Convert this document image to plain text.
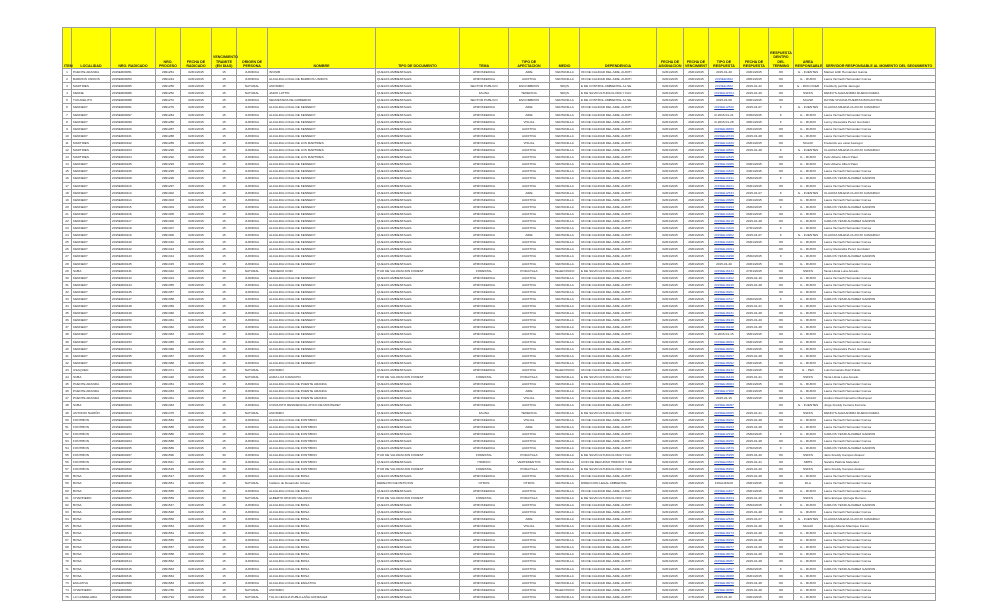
ITEM	LOCALIDAD	NRO. RADICADO	NRO. PROCESO	FECHA DE RADICADO	VENCIMIENTO TRAMITE (EN DIAS)	ORIGEN DE PERSONA	NOMBRE	TIPO DE DOCUMENTO	TEMA	TIPO DE AFECTACION	MEDIO	DEPENDENCIA	FECHA DE ASIGNACION	FECHA DE VENCIMIENT	TIPO DE RESPUESTA	FECHA DE RESPUESTA	RESPUESTA DENTRO DEL TERMINO	AREA RESPONSABLE	SERVIDOR RESPONSABLE AL MOMENTO DEL SEGUIMIENTO
1	PUENTE ARANDA	2015ER00051	2991251	02/01/2015	15	JURIDICA	INVISIB	QUEJAS AMBIENTALES	ATMOSFERICA	AIRE	VENTANILLA	ON DE CALIDAD DEL AIRE, AUDITI	02/01/2015	26/01/2015	2015-01-20	20/01/2015	OK	G. - FUENTES	Marisol Lilith Hernandez Garcia
2	BARRIOS UNIDOS	2015ER00053	2991244	02/01/2015	15	JURIDICA	ALCALDIA LOCAL DE BARRIOS UNIDOS	QUEJAS AMBIENTALES	ATMOSFERICA	AUDITIVA	VENTANILLA	ON DE CALIDAD DEL AIRE, AUDITI	02/01/2015	26/01/2015	2015EE3662	28/01/2015	OK	G. - RUIDO	Laura Yazmeth Hernandez Correa
3	MARTIRES	2015ER00065	2991250	02/01/2015	15	NATURAL	ANONIMO	QUEJAS AMBIENTALES	SECTOR PUBLICO	ESCOMBROS	SDQS	E DE CONTROL AMBIENTAL AL SE	02/01/2015	26/01/2015	2015EE4662	2015-01-22	OK	G. - RCD-OVER	Fredderly perrilla Jauregui
4	KENNE	2015ER00086	2991252	02/01/2015	15	NATURAL	JAIRO LATTIN	QUEJAS AMBIENTALES	FAUNA	TENENCIA	SDQS	E DE SILVICULTURA FLORA Y FAU	02/01/2015	26/01/2015	2015EE11564	2015-01-26	OK	SSFFS	DENNYS ALEXANDRA RUEDA RUEDA
5	TUNJUELITO	2015ER00088	2991272	02/01/2015	15	JURIDICA	SECRETARIA DE GOBIERNO	QUEJAS AMBIENTALES	SECTOR PUBLICO	ESCOMBROS	VENTANILLA	E DE CONTROL AMBIENTAL AL SE	02/01/2015	26/01/2015	2015-01-09	09/01/2015	OK	SCASP	DAYNE VIVIANA HUERTAS BOCACHICA
6	KENNEDY	2015ER00091	2991276	02/01/2015	15	JURIDICA	ALCALDIA LOCAL DE KENNEDY	QUEJAS AMBIENTALES	ATMOSFERICA	AIRE	VENTANILLA	ON DE CALIDAD DEL AIRE, AUDITI	02/01/2015	26/01/2015	2015EE12520	2015-01-07	F	G. - FUENTES	CLAUDIA MILENA CLAVIJO CAMARGO
7	KENNEDY	2015ER00097	2991284	02/01/2015	15	JURIDICA	ALCALDIA LOCAL DE KENNEDY	QUEJAS AMBIENTALES	ATMOSFERICA	AIRE	VENTANILLA	ON DE CALIDAD DEL AIRE, AUDITI	02/01/2015	26/01/2015	R-2015-01-21	03/02/2015	F	G. - RUIDO	Laura Yazmeth Hernandez Correa
8	KENNEDY	2015ER00099	2991286	02/01/2015	15	JURIDICA	ALCALDIA LOCAL DE KENNEDY	QUEJAS AMBIENTALES	ATMOSFERICA	VISUAL	VENTANILLA	ON DE CALIDAD DEL AIRE, AUDITI	02/01/2015	26/01/2015	R-2015-01-28	28/01/2015	F	G. - RUIDO	Lenny Alexandra Perez Gonzalez
9	KENNEDY	2015ER00100	2991287	02/01/2015	15	JURIDICA	ALCALDIA LOCAL DE KENNEDY	QUEJAS AMBIENTALES	ATMOSFERICA	AUDITIVA	VENTANILLA	ON DE CALIDAD DEL AIRE, AUDITI	02/01/2015	26/01/2015	2015EE18659	26/01/2015	OK	G. - RUIDO	Laura Yazmeth Hernandez Correa
10	KENNEDY	2015ER00101	2991288	02/01/2015	15	JURIDICA	ALCALDIA LOCAL DE KENNEDY	QUEJAS AMBIENTALES	ATMOSFERICA	AUDITIVA	VENTANILLA	ON DE CALIDAD DEL AIRE, AUDITI	02/01/2015	26/01/2015	2015EE10729	2015-01-28	OK	G. - RUIDO	Laura Yazmeth Hernandez Correa
11	MARTIRES	2015ER00102	2991289	02/01/2015	15	JURIDICA	ALCALDIA LOCAL DE LOS MARTIRES	QUEJAS AMBIENTALES	ATMOSFERICA	VISUAL	VENTANILLA	ON DE CALIDAD DEL AIRE, AUDITI	02/01/2015	26/01/2015	2015EE14469	26/01/2015	OK	SCAAV	Frederick ere estat Jauregui
12	MARTIRES	2015ER00103	2991290	02/01/2015	15	JURIDICA	ALCALDIA LOCAL DE LOS MARTIRES	QUEJAS AMBIENTALES	ATMOSFERICA	AUDITIVA	VENTANILLA	ON DE CALIDAD DEL AIRE, AUDITI	02/01/2015	26/01/2015	2015EE10860	2015-01-28	F	G. - FUENTES	CLAUDIA MILENA CLAVIJO CAMARGO
13	MARTIRES	2015ER00104	2991292	02/01/2015	15	JURIDICA	ALCALDIA LOCAL DE LOS MARTIRES	QUEJAS AMBIENTALES	ATMOSFERICA	AUDITIVA	VENTANILLA	ON DE CALIDAD DEL AIRE, AUDITI	02/01/2015	26/01/2015	2015EE12845		OK	G. - RUIDO	Felix Alberto Albert Patel
14	KENNEDY	2015ER00105	2991293	02/01/2015	15	JURIDICA	ALCALDIA LOCAL DE KENNEDY	QUEJAS AMBIENTALES	ATMOSFERICA	AUDITIVA	VENTANILLA	ON DE CALIDAD DEL AIRE, AUDITI	02/01/2015	26/01/2015	2015EE13086	20/01/2015	OK	G. - RUIDO	Felix Alberto Albert Patel
15	KENNEDY	2015ER00106	2991295	02/01/2015	15	JURIDICA	ALCALDIA LOCAL DE KENNEDY	QUEJAS AMBIENTALES	ATMOSFERICA	AUDITIVA	VENTANILLA	ON DE CALIDAD DEL AIRE, AUDITI	02/01/2015	26/01/2015	2015EE13408	23/01/2015	OK	G. - RUIDO	Laura Yazmeth Hernandez Correa
16	KENNEDY	2015ER00108	2991296	02/01/2015	15	JURIDICA	ALCALDIA LOCAL DE KENNEDY	QUEJAS AMBIENTALES	ATMOSFERICA	AUDITIVA	VENTANILLA	ON DE CALIDAD DEL AIRE, AUDITI	02/01/2015	26/01/2015	2015EE13191	25/02/2015	F	G. - RUIDO	CARLOS YESID ALVAREZ GARZON
17	KENNEDY	2015ER00110	2991297	02/01/2015	15	JURIDICA	ALCALDIA LOCAL DE KENNEDY	QUEJAS AMBIENTALES	ATMOSFERICA	AUDITIVA	VENTANILLA	ON DE CALIDAD DEL AIRE, AUDITI	02/01/2015	26/01/2015	2015EE18221	26/01/2015	OK	G. - RUIDO	Laura Yazmeth Hernandez Correa
18	KENNEDY	2015ER00113	2991302	02/01/2015	15	JURIDICA	ALCALDIA LOCAL DE KENNEDY	QUEJAS AMBIENTALES	ATMOSFERICA	AIRE	VENTANILLA	ON DE CALIDAD DEL AIRE, AUDITI	02/01/2015	26/01/2015	2015EE12533	2015-01-07	F	G. - FUENTES	CLAUDIA MILENA CLAVIJO CAMARGO
19	KENNEDY	2015ER00114	2991303	02/01/2015	15	JURIDICA	ALCALDIA LOCAL DE KENNEDY	QUEJAS AMBIENTALES	ATMOSFERICA	AUDITIVA	VENTANILLA	ON DE CALIDAD DEL AIRE, AUDITI	02/01/2015	26/01/2015	2015EE13686	23/01/2015	OK	G. - RUIDO	Laura Yazmeth Hernandez Correa
20	KENNEDY	2015ER00115	2991304	02/01/2015	15	JURIDICA	ALCALDIA LOCAL DE KENNEDY	QUEJAS AMBIENTALES	ATMOSFERICA	AUDITIVA	VENTANILLA	ON DE CALIDAD DEL AIRE, AUDITI	02/01/2015	26/01/2015	2015EE13294	25/02/2015	F	G. - RUIDO	CARLOS YESID ALVAREZ GARZON
21	KENNEDY	2015ER00116	2991305	02/01/2015	15	JURIDICA	ALCALDIA LOCAL DE KENNEDY	QUEJAS AMBIENTALES	ATMOSFERICA	AUDITIVA	VENTANILLA	ON DE CALIDAD DEL AIRE, AUDITI	02/01/2015	26/01/2015	2015EE14408	26/01/2015	OK	G. - RUIDO	Laura Yazmeth Hernandez Correa
22	KENNEDY	2015ER00117	2991306	02/01/2015	15	JURIDICA	ALCALDIA LOCAL DE KENNEDY	QUEJAS AMBIENTALES	ATMOSFERICA	AUDITIVA	VENTANILLA	ON DE CALIDAD DEL AIRE, AUDITI	02/01/2015	26/01/2015	2015EE18218	2015-01-28	OK	G. - RUIDO	CARLOS YESID ALVAREZ GARZON
23	KENNEDY	2015ER00118	2991307	02/01/2015	15	JURIDICA	ALCALDIA LOCAL DE KENNEDY	QUEJAS AMBIENTALES	ATMOSFERICA	AUDITIVA	VENTANILLA	ON DE CALIDAD DEL AIRE, AUDITI	02/01/2015	26/01/2015	2015EE13406	27/01/2015	F	G. - RUIDO	Laura Yazmeth Hernandez Correa
24	KENNEDY	2015ER00119	2991309	02/01/2015	15	JURIDICA	ALCALDIA LOCAL DE KENNEDY	QUEJAS AMBIENTALES	ATMOSFERICA	AIRE	VENTANILLA	ON DE CALIDAD DEL AIRE, AUDITI	02/01/2015	26/01/2015	2015EE14902	2015-01-07	F	G. - FUENTES	CLAUDIA MILENA CLAVIJO CAMARGO
25	KENNEDY	2015ER00120	2991310	02/01/2015	15	JURIDICA	ALCALDIA LOCAL DE KENNEDY	QUEJAS AMBIENTALES	ATMOSFERICA	AUDITIVA	VENTANILLA	ON DE CALIDAD DEL AIRE, AUDITI	02/01/2015	26/01/2015	2015EE13409	26/01/2015	OK	G. - RUIDO	Laura Yazmeth Hernandez Correa
26	KENNEDY	2015ER00122	2991313	02/01/2015	15	JURIDICA	ALCALDIA LOCAL DE KENNEDY	QUEJAS AMBIENTALES	ATMOSFERICA	AUDITIVA	VENTANILLA	ON DE CALIDAD DEL AIRE, AUDITI	02/01/2015	26/01/2015	2015EE13094		OK	G. - RUIDO	Lenny Alexandra Perez Gonzalez
27	KENNEDY	2015ER00123	2991314	02/01/2015	15	JURIDICA	ALCALDIA LOCAL DE KENNEDY	QUEJAS AMBIENTALES	ATMOSFERICA	AUDITIVA	VENTANILLA	ON DE CALIDAD DEL AIRE, AUDITI	02/01/2015	26/01/2015	2015EE13298	25/02/2015	F	G. - RUIDO	CARLOS YESID ALVAREZ GARZON
28	KENNEDY	2015ER00125	2991315	02/01/2015	15	JURIDICA	ALCALDIA LOCAL DE KENNEDY	QUEJAS AMBIENTALES	ATMOSFERICA	AUDITIVA	VENTANILLA	ON DE CALIDAD DEL AIRE, AUDITI	02/01/2015	26/01/2015	2015-01-20	20/01/2015	OK	G. - RUIDO	Laura Yazmeth Hernandez Correa
29	SUBA	2015ER00131	2991322	02/01/2015	30	NATURAL	TERCERO COID	ITUD DE VALORACION FOREST	FORESTAL	PODA/TALA	TELEFONICO	E DE SILVICULTURA FLORA Y FAU	02/01/2015	26/01/2015	2015EE16434	27/01/2015	OK	SSFFS	Tania Lilinia Luna Amado
30	KENNEDY	2015ER00143	2991324	02/01/2015	15	JURIDICA	ALCALDIA LOCAL DE KENNEDY	QUEJAS AMBIENTALES	ATMOSFERICA	AUDITIVA	VENTANILLA	ON DE CALIDAD DEL AIRE, AUDITI	02/01/2015	26/01/2015	2015EE14462	2015-01-16	OK	G. - RUIDO	Laura Yazmeth Hernandez Correa
31	KENNEDY	2015ER00144	2991355	02/01/2015	15	JURIDICA	ALCALDIA LOCAL DE KENNEDY	QUEJAS AMBIENTALES	ATMOSFERICA	AUDITIVA	VENTANILLA	ON DE CALIDAD DEL AIRE, AUDITI	02/01/2015	26/01/2015	2015EE18240	2015-01-28	OK	G. - RUIDO	Laura Yazmeth Hernandez Correa
32	KENNEDY	2015ER00145	2991357	02/01/2015	15	JURIDICA	ALCALDIA LOCAL DE KENNEDY	QUEJAS AMBIENTALES	ATMOSFERICA	AUDITIVA	VENTANILLA	ON DE CALIDAD DEL AIRE, AUDITI	02/01/2015	26/01/2015	2015EE18261		OK	G. - RUIDO	Laura Yazmeth Hernandez Correa
33	KENNEDY	2015ER00147	2991358	02/01/2015	15	JURIDICA	ALCALDIA LOCAL DE KENNEDY	QUEJAS AMBIENTALES	ATMOSFERICA	AUDITIVA	VENTANILLA	ON DE CALIDAD DEL AIRE, AUDITI	02/01/2015	26/01/2015	2015EE13727	26/02/2015	F	G. - RUIDO	CARLOS YESID ALVAREZ GARZON
34	KENNEDY	2015ER00148	2991359	02/01/2015	15	JURIDICA	ALCALDIA LOCAL DE KENNEDY	QUEJAS AMBIENTALES	ATMOSFERICA	AUDITIVA	VENTANILLA	ON DE CALIDAD DEL AIRE, AUDITI	02/01/2015	26/01/2015	2015EE18260	2015-01-21	OK	G. - RUIDO	Laura Yazmeth Hernandez Correa
35	KENNEDY	2015ER00149	2991360	02/01/2015	15	JURIDICA	ALCALDIA LOCAL DE KENNEDY	QUEJAS AMBIENTALES	ATMOSFERICA	AUDITIVA	VENTANILLA	ON DE CALIDAD DEL AIRE, AUDITI	02/01/2015	26/01/2015	2015EE18231	2015-01-28	OK	G. - RUIDO	Laura Yazmeth Hernandez Correa
36	KENNEDY	2015ER00150	2991361	02/01/2015	15	JURIDICA	ALCALDIA LOCAL DE KENNEDY	QUEJAS AMBIENTALES	ATMOSFERICA	AUDITIVA	VENTANILLA	ON DE CALIDAD DEL AIRE, AUDITI	02/01/2015	26/01/2015	2015EE18249	2015-01-20	OK	G. - RUIDO	Laura Yazmeth Hernandez Correa
37	KENNEDY	2015ER00151	2991362	02/01/2015	15	JURIDICA	ALCALDIA LOCAL DE KENNEDY	QUEJAS AMBIENTALES	ATMOSFERICA	AUDITIVA	VENTANILLA	ON DE CALIDAD DEL AIRE, AUDITI	02/01/2015	26/01/2015	2015EE18248	2015-01-28	OK	G. - RUIDO	Laura Yazmeth Hernandez Correa
38	KENNEDY	2015ER00152	2991363	02/01/2015	15	JURIDICA	ALCALDIA LOCAL DE KENNEDY	QUEJAS AMBIENTALES	ATMOSFERICA	AUDITIVA	VENTANILLA	ON DE CALIDAD DEL AIRE, AUDITI	02/01/2015	26/01/2015	R-2015-01-15	15/01/2015	OK	G. - RUIDO	Laura Yazmeth Hernandez Correa
39	KENNEDY	2015ER00153	2991365	02/01/2015	15	JURIDICA	ALCALDIA LOCAL DE KENNEDY	QUEJAS AMBIENTALES	ATMOSFERICA	AUDITIVA	VENTANILLA	ON DE CALIDAD DEL AIRE, AUDITI	02/01/2015	26/01/2015	2015EE18094	26/01/2015	OK	G. - RUIDO	Laura Yazmeth Hernandez Correa
40	KENNEDY	2015ER00154	2991366	02/01/2015	15	JURIDICA	ALCALDIA LOCAL DE KENNEDY	QUEJAS AMBIENTALES	ATMOSFERICA	AUDITIVA	VENTANILLA	ON DE CALIDAD DEL AIRE, AUDITI	02/01/2015	26/01/2015	2015EE18099	26/01/2015	OK	G. - RUIDO	Lenny Alexandra Perez Gonzalez
41	KENNEDY	2015ER00155	2991367	02/01/2015	15	JURIDICA	ALCALDIA LOCAL DE KENNEDY	QUEJAS AMBIENTALES	ATMOSFERICA	AUDITIVA	VENTANILLA	ON DE CALIDAD DEL AIRE, AUDITI	02/01/2015	26/01/2015	2015EE18257	2015-01-28	OK	G. - RUIDO	Laura Yazmeth Hernandez Correa
42	KENNEDY	2015ER00156	2991368	02/01/2015	15	JURIDICA	ALCALDIA LOCAL DE KENNEDY	QUEJAS AMBIENTALES	ATMOSFERICA	AUDITIVA	VENTANILLA	ON DE CALIDAD DEL AIRE, AUDITI	02/01/2015	26/01/2015	2015EE18092	26/01/2015	OK	G. - RUIDO	Laura Yazmeth Hernandez Correa
43	USAQUEN	2015ER00159	2991371	02/01/2015	15	NATURAL	ANONIMO	QUEJAS AMBIENTALES	ATMOSFERICA	AUDITIVA	TELEFONICO	ON DE CALIDAD DEL AIRE, AUDITI	02/01/2015	26/01/2015	2015EE18242	26/01/2015	OK	G. - PEV	Luis Fernando Ruiz Pulido
44	SUBA	2015ER00203	2991446	02/01/2015	15	NATURAL	AURA LUZ CAMACHO	ITUD DE VALORACION FOREST	FORESTAL	PODA/TALA	VENTANILLA	E DE SILVICULTURA FLORA Y FAU	02/01/2015	26/01/2015	2015EE16449	2015-01-21	OK	SSFFS	Tania Lilinia Luna Amado
45	PUENTE ARANDA	2015ER00215	2991451	02/01/2015	15	JURIDICA	ALCALDIA LOCAL DE PUENTE ARANDA	QUEJAS AMBIENTALES	ATMOSFERICA	AUDITIVA	VENTANILLA	ON DE CALIDAD DEL AIRE, AUDITI	02/01/2015	26/01/2015	2015EE18064	26/01/2015	OK	G. - RUIDO	Laura Yazmeth Hernandez Correa
46	PUENTE ARANDA	2015ER00216	2991453	02/01/2015	15	JURIDICA	ALCALDIA LOCAL DE PUENTE ARANDA	QUEJAS AMBIENTALES	ATMOSFERICA	AIRE	VENTANILLA	ON DE CALIDAD DEL AIRE, AUDITI	02/01/2015	26/01/2015	2015EE17968	23/01/2015	OK	G. - RUIDO	Laura Yazmeth Hernandez Correa
47	PUENTE ARANDA	2015ER00221	2991461	02/01/2015	15	JURIDICA	ALCALDIA LOCAL DE PUENTE ARANDA	QUEJAS AMBIENTALES	ATMOSFERICA	VISUAL	VENTANILLA	ON DE CALIDAD DEL AIRE, AUDITI	02/01/2015	26/01/2015	2015-01-15	15/01/2015	OK	G. - SCAAV	Andres David Camacho Manriquez
48	SUBA	2015ER00223	2991463	02/01/2015	15	JURIDICA	CONJUNTO RESIDENCIAL ATICO DE MONTEREY	QUEJAS AMBIENTALES	ATMOSFERICA	AUDITIVA	VENTANILLA	ON DE CALIDAD DEL AIRE, AUDITI	02/01/2015	26/01/2015	2015EE18097		OK	G. - FUENTES	Jorge Freddy Ferreira Ferreira
49	ANTONIO NARIÑO	2015ER00224	2991475	02/01/2015	15	NATURAL	ANONIMO	QUEJAS AMBIENTALES	FAUNA	TENENCIA	VENTANILLA	E DE SILVICULTURA FLORA Y FAU	02/01/2015	26/01/2015	2015EE20065	2015-01-21	OK	SSFFS	DENNYS ALEXANDRA RUEDA RUEDA
50	FONTIBON	2015ER00260	2991584	02/01/2015	15	JURIDICA	ALCALDIA LOCAL DE FONTIBON	QUEJAS AMBIENTALES	ATMOSFERICA	VISUAL	VENTANILLA	ON DE CALIDAD DEL AIRE, AUDITI	02/01/2015	26/01/2015	2015EE18202	2015-01-28	OK	G. - RUIDO	Laura Yazmeth Hernandez Correa
51	FONTIBON	2015ER00261	2991585	02/01/2015	15	JURIDICA	ALCALDIA LOCAL DE FONTIBON	QUEJAS AMBIENTALES	ATMOSFERICA	AIRE	VENTANILLA	ON DE CALIDAD DEL AIRE, AUDITI	02/01/2015	26/01/2015	2015EE18263	2015-01-28	OK	G. - RUIDO	Laura Yazmeth Hernandez Correa
52	FONTIBON	2015ER00263	2991586	02/01/2015	15	JURIDICA	ALCALDIA LOCAL DE FONTIBON	QUEJAS AMBIENTALES	ATMOSFERICA	AUDITIVA	VENTANILLA	ON DE CALIDAD DEL AIRE, AUDITI	02/01/2015	26/01/2015	2015EE12918	25/02/2015	F	G. - RUIDO	CARLOS YESID ALVAREZ GARZON
53	FONTIBON	2015ER00264	2991588	02/01/2015	15	JURIDICA	ALCALDIA LOCAL DE FONTIBON	QUEJAS AMBIENTALES	ATMOSFERICA	AUDITIVA	VENTANILLA	ON DE CALIDAD DEL AIRE, AUDITI	02/01/2015	26/01/2015	2015EE18259	2015-01-28	OK	G. - RUIDO	Laura Yazmeth Hernandez Correa
54	FONTIBON	2015ER00265	2991589	02/01/2015	15	JURIDICA	ALCALDIA LOCAL DE FONTIBON	QUEJAS AMBIENTALES	ATMOSFERICA	AUDITIVA	VENTANILLA	ON DE CALIDAD DEL AIRE, AUDITI	02/01/2015	26/01/2015	2015EE13876	27/02/2015	F	G. - RUIDO	CARLOS YESID ALVAREZ GARZON
55	FONTIBON	2015ER00267	2991590	02/01/2015	30	JURIDICA	ALCALDIA LOCAL DE FONTIBON	ITUD DE VALORACION FOREST	FORESTAL	PODA/TALA	VENTANILLA	E DE SILVICULTURA FLORA Y FAU	02/01/2015	26/01/2015	2015EE15955	2015-01-20	OK	SSFFS	Jairo Freddy Campos Alvarez
56	FONTIBON	2015ER00297	2991511	02/01/2015	15	JURIDICA	ALCALDIA LOCAL DE FONTIBON	QUEJAS AMBIENTALES	HIDRICO	VERTIMIENTOS	VENTANILLA	CION DE RECURSO HIDRICO Y DE	02/01/2015	26/01/2015	2015EE23563	2015-01-21	OK	SRHS	Sandra Patricia Melendez
57	FONTIBON	2015ER00300	2991515	02/01/2015	30	JURIDICA	ALCALDIA LOCAL DE FONTIBON	ITUD DE VALORACION FOREST	FORESTAL	PODA/TALA	VENTANILLA	E DE SILVICULTURA FLORA Y FAU	02/01/2015	26/01/2015	2015EE15959	2015-01-20	OK	SSFFS	Jairo Freddy Campos Alvarez
58	BOSA	2015ER00318	2991517	02/01/2015	15	JURIDICA	ALCALDIA LOCAL DE BOSA	QUEJAS AMBIENTALES	ATMOSFERICA	AUDITIVA	VENTANILLA	ON DE CALIDAD DEL AIRE, AUDITI	02/01/2015	26/01/2015	2015EE12449	2015-01-28	OK	G. - RUIDO	Laura Yazmeth Hernandez Correa
59	BOSA	2015ER00320	2991551	02/01/2015	15	NATURAL	Instituto de Desarrollo Urbano	DERECHO DE PETICION	OTROS	OTROS	VENTANILLA	DIRECCION LEGAL AMBIENTAL	02/01/2015	26/01/2015	FINALIZADO	26/01/2015	OK	DLA	Laura Yazmeth Hernandez Correa
60	BOSA	2015ER00327	2991555	02/01/2015	15	JURIDICA	ALCALDIA LOCAL DE BOSA	QUEJAS AMBIENTALES	ATMOSFERICA	AUDITIVA	VENTANILLA	ON DE CALIDAD DEL AIRE, AUDITI	02/01/2015	26/01/2015	2015EE14467	26/01/2015	OK	G. - RUIDO	Laura Yazmeth Hernandez Correa
61	CHAPINERO	2015ER00305	2991559	02/01/2015	30	NATURAL	ALBERTO RINCON VELASCO	ITUD DE VALORACION FOREST	FORESTAL	PODA/TALA	VENTANILLA	E DE SILVICULTURA FLORA Y FAU	02/01/2015	26/01/2015	2015EE16454	2015-01-20	OK	SSFFS	Jairo Enrique Quiroga Romero
62	BOSA	2015ER00306	2991547	02/01/2015	15	JURIDICA	ALCALDIA LOCAL DE BOSA	QUEJAS AMBIENTALES	ATMOSFERICA	AUDITIVA	VENTANILLA	ON DE CALIDAD DEL AIRE, AUDITI	02/01/2015	26/01/2015	2015EE13880	25/02/2015	F	G. - RUIDO	CARLOS YESID ALVAREZ GARZON
63	BOSA	2015ER00307	2991548	02/01/2015	15	JURIDICA	ALCALDIA LOCAL DE BOSA	QUEJAS AMBIENTALES	ATMOSFERICA	AUDITIVA	VENTANILLA	ON DE CALIDAD DEL AIRE, AUDITI	02/01/2015	26/01/2015	2015EE18265	2015-01-28	OK	G. - RUIDO	Laura Yazmeth Hernandez Correa
64	BOSA	2015ER00308	2991550	02/01/2015	15	JURIDICA	ALCALDIA LOCAL DE BOSA	QUEJAS AMBIENTALES	ATMOSFERICA	AIRE	VENTANILLA	ON DE CALIDAD DEL AIRE, AUDITI	02/01/2015	26/01/2015	2015EE12530	2015-01-07	F	G. - FUENTES	CLAUDIA MILENA CLAVIJO CAMARGO
65	BOSA	2015ER00309	2991553	02/01/2015	15	JURIDICA	ALCALDIA LOCAL DE BOSA	QUEJAS AMBIENTALES	ATMOSFERICA	VISUAL	VENTANILLA	ON DE CALIDAD DEL AIRE, AUDITI	02/01/2015	26/01/2015	2015EE18402	2015-01-28	OK	SCAAV	Rodrigo Alberto Manrique Forero
66	BOSA	2015ER00310	2991554	02/01/2015	15	JURIDICA	ALCALDIA LOCAL DE BOSA	QUEJAS AMBIENTALES	ATMOSFERICA	AUDITIVA	VENTANILLA	ON DE CALIDAD DEL AIRE, AUDITI	02/01/2015	26/01/2015	2015EE18273	2015-01-28	OK	G. - RUIDO	Laura Yazmeth Hernandez Correa
67	BOSA	2015ER00311	2991555	02/01/2015	15	JURIDICA	ALCALDIA LOCAL DE BOSA	QUEJAS AMBIENTALES	ATMOSFERICA	AUDITIVA	VENTANILLA	ON DE CALIDAD DEL AIRE, AUDITI	02/01/2015	26/01/2015	2015EE18296	2015-01-28	OK	G. - RUIDO	Laura Yazmeth Hernandez Correa
68	BOSA	2015ER00312	2991557	02/01/2015	15	JURIDICA	ALCALDIA LOCAL DE BOSA	QUEJAS AMBIENTALES	ATMOSFERICA	AUDITIVA	VENTANILLA	ON DE CALIDAD DEL AIRE, AUDITI	02/01/2015	26/01/2015	2015EE18077	2015-01-28	OK	G. - RUIDO	Laura Yazmeth Hernandez Correa
69	BOSA	2015ER00313	2991558	02/01/2015	15	JURIDICA	ALCALDIA LOCAL DE BOSA	QUEJAS AMBIENTALES	ATMOSFERICA	AUDITIVA	VENTANILLA	ON DE CALIDAD DEL AIRE, AUDITI	02/01/2015	26/01/2015	2015EE18079	2015-01-28	OK	G. - RUIDO	Laura Yazmeth Hernandez Correa
70	BOSA	2015ER00314	2991562	02/01/2015	15	JURIDICA	ALCALDIA LOCAL DE BOSA	QUEJAS AMBIENTALES	ATMOSFERICA	AUDITIVA	VENTANILLA	ON DE CALIDAD DEL AIRE, AUDITI	02/01/2015	26/01/2015	2015EE18087	2015-01-28	OK	G. - RUIDO	Laura Yazmeth Hernandez Correa
71	BOSA	2015ER00315	2991563	02/01/2015	15	JURIDICA	ALCALDIA LOCAL DE BOSA	QUEJAS AMBIENTALES	ATMOSFERICA	AUDITIVA	VENTANILLA	ON DE CALIDAD DEL AIRE, AUDITI	02/01/2015	26/01/2015	2015EE13897	25/02/2015	F	G. - RUIDO	CARLOS YESID ALVAREZ GARZON
72	BOSA	2015ER00316	2991564	02/01/2015	15	JURIDICA	ALCALDIA LOCAL DE BOSA	QUEJAS AMBIENTALES	ATMOSFERICA	AUDITIVA	VENTANILLA	ON DE CALIDAD DEL AIRE, AUDITI	02/01/2015	26/01/2015	2015EE18088	26/01/2015	OK	G. - RUIDO	Laura Yazmeth Hernandez Correa
73	ENGATIVA	2015ER00380	2991583	02/01/2015	15	JURIDICA	ALCALDIA LOCAL DE ENGATIVA	QUEJAS AMBIENTALES	ATMOSFERICA	AUDITIVA	VENTANILLA	ON DE CALIDAD DEL AIRE, AUDITI	02/01/2015	26/01/2015	2015EE18070	2015-01-28	OK	G. - RUIDO	Laura Yazmeth Hernandez Correa
74	CHAPINERO	2015ER00382	2991780	02/01/2015	15	NATURAL	ANONIMO	QUEJAS AMBIENTALES	ATMOSFERICA	AUDITIVA	TELEFONICO	ON DE CALIDAD DEL AIRE, AUDITI	02/01/2015	26/01/2015	2015EE18066	2015-01-28	OK	G. - RUIDO	Laura Yazmeth Hernandez Correa
75	LA CANDELARIA	2015ER00481	2991794	02/01/2015	15	NATURAL	TULIA CECILIA PUBLILLAÑA GONZALEZ	QUEJAS AMBIENTALES	ATMOSFERICA	AUDITIVA	VENTANILLA	ON DE CALIDAD DEL AIRE, AUDITI	02/01/2015	27/01/2015	2015-01-20	20/01/2015	OK	G. - RUIDO	Laura Yazmeth Hernandez Correa
